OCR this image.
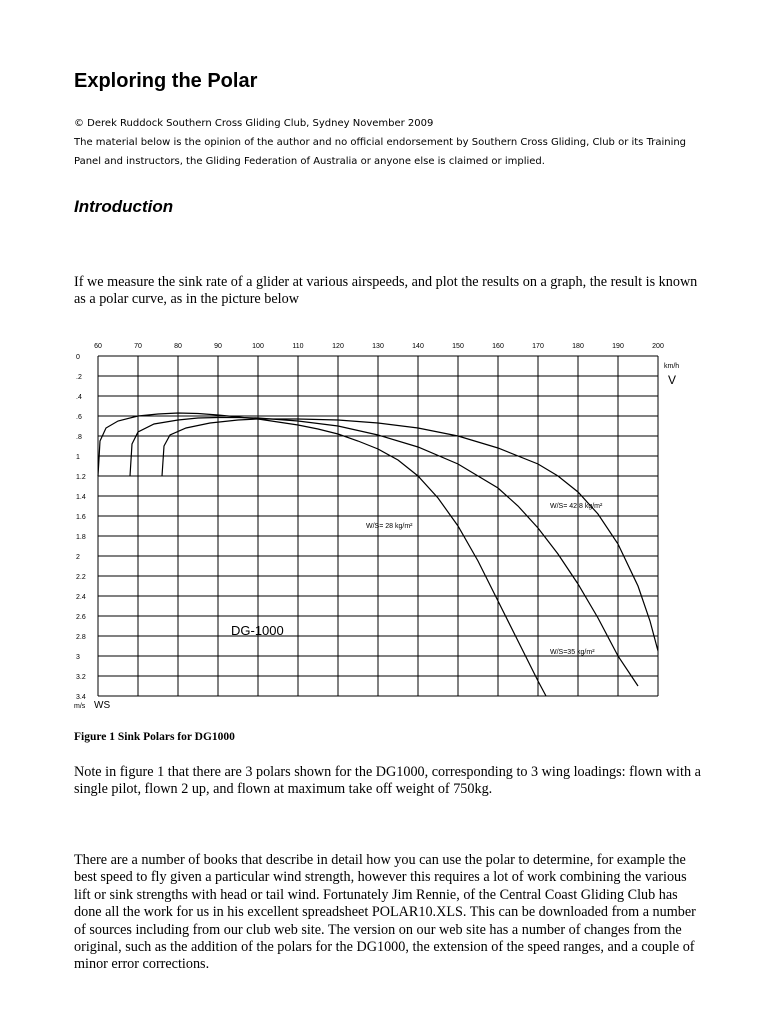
Exploring the Polar

© Derek Ruddock Southern Cross Gliding Club, Sydney November 2009

The material below is the opinion of the author and no official endorsement by Southern Cross Gliding, Club or its Training Panel and instructors, the Gliding Federation of Australia or anyone else is claimed or implied.

Introduction

If we measure the sink rate of a glider at various airspeeds, and plot the results on a graph, the result is known as a polar curve, as in the picture below

60	70	80	90	100	110	120	130	140	150	160	170	180	190	200
0
.2
.4
.6
.8
1
1.2
1.4
1.6
1.8
2
2.2
2.4
2.6
2.8
3
3.2
3.4
W/S= 42.8 kg/m²
W/S= 28 kg/m²
W/S=35 kg/m²
km/h
V
m/s WS
DG-1000

Figure 1 Sink Polars for DG1000

Note in figure 1 that there are 3 polars shown for the DG1000, corresponding to 3 wing loadings: flown with a single pilot, flown 2 up, and flown at maximum take off weight of 750kg.

There are a number of books that describe in detail how you can use the polar to determine, for example the best speed to fly given a particular wind strength, however this requires a lot of work combining the various lift or sink strengths with head or tail wind. Fortunately Jim Rennie, of the Central Coast Gliding Club has done all the work for us in his excellent spreadsheet POLAR10.XLS. This can be downloaded from a number of sources including from our club web site. The version on our web site has a number of changes from the original, such as the addition of the polars for the DG1000, the extension of the speed ranges, and a couple of minor error corrections.
